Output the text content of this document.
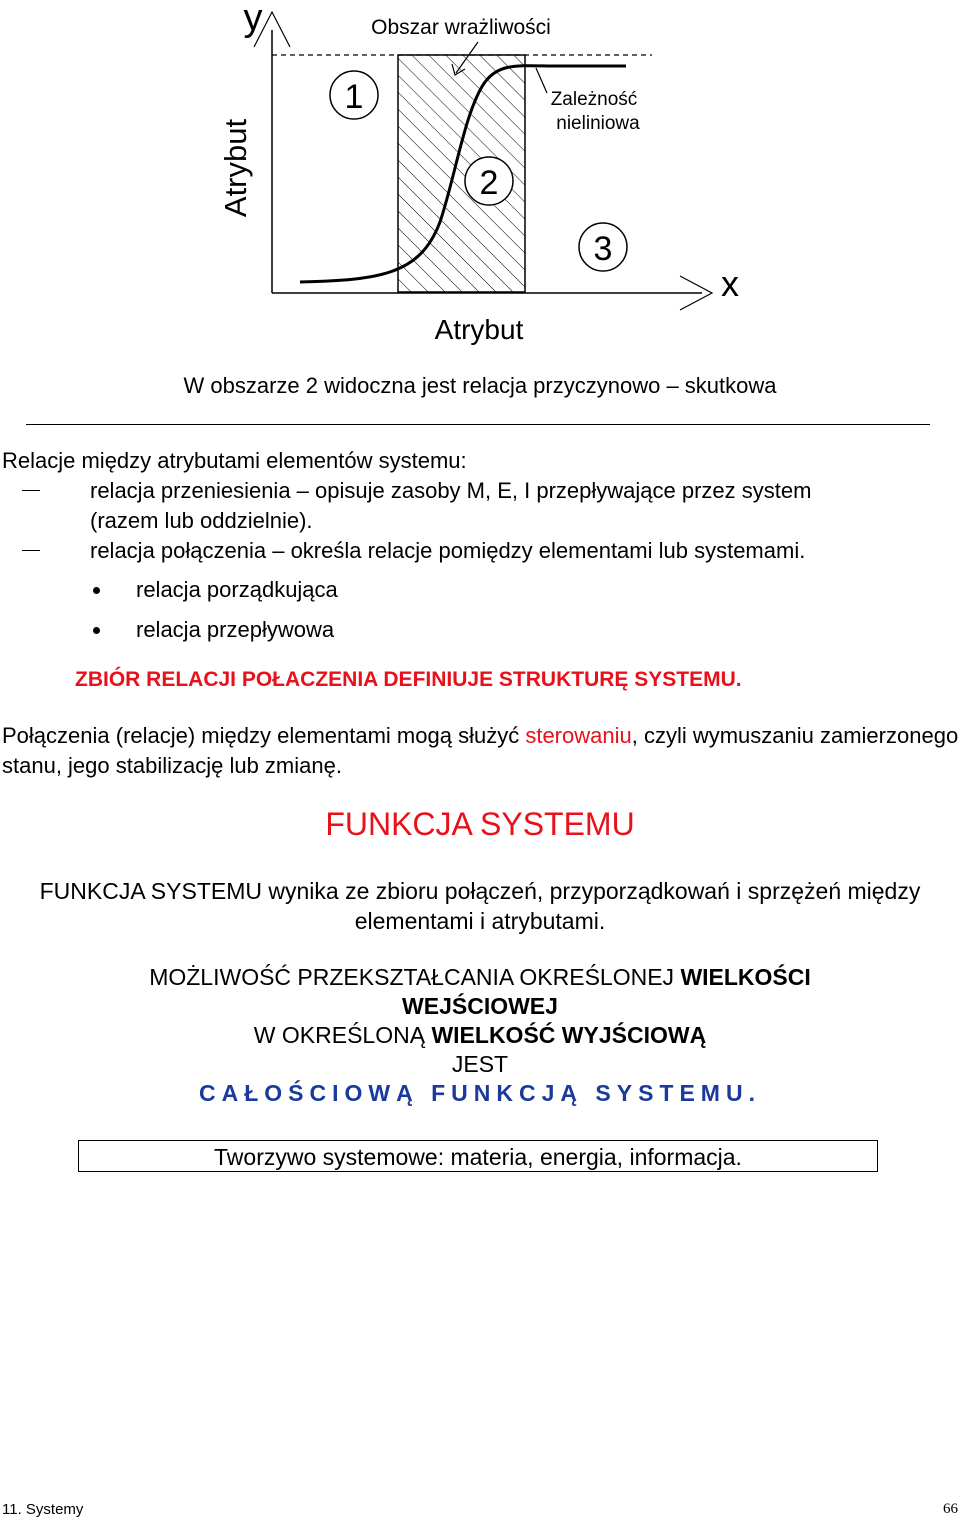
1
2
3
y
x
Obszar wrażliwości
Zależność
nieliniowa
Atrybut
Atrybut
W obszarze 2 widoczna jest relacja przyczynowo – skutkowa
Relacje między atrybutami elementów systemu:
relacja przeniesienia – opisuje zasoby M, E, I przepływające przez system
(razem lub oddzielnie).
relacja połączenia – określa relacje pomiędzy elementami lub systemami.
relacja porządkująca
relacja przepływowa
ZBIÓR RELACJI POŁACZENIA DEFINIUJE STRUKTURĘ SYSTEMU.
Połączenia (relacje) między elementami mogą służyć sterowaniu, czyli wymuszaniu zamierzonego stanu, jego stabilizację lub zmianę.
FUNKCJA SYSTEMU
FUNKCJA SYSTEMU wynika ze zbioru połączeń, przyporządkowań i sprzężeń między elementami i atrybutami.
MOŻLIWOŚĆ PRZEKSZTAŁCANIA OKREŚLONEJ WIELKOŚCI
WEJŚCIOWEJ
W OKREŚLONĄ WIELKOŚĆ WYJŚCIOWĄ
JEST
CAŁOŚCIOWĄ FUNKCJĄ SYSTEMU.
Tworzywo systemowe: materia, energia, informacja.
11. Systemy	66
